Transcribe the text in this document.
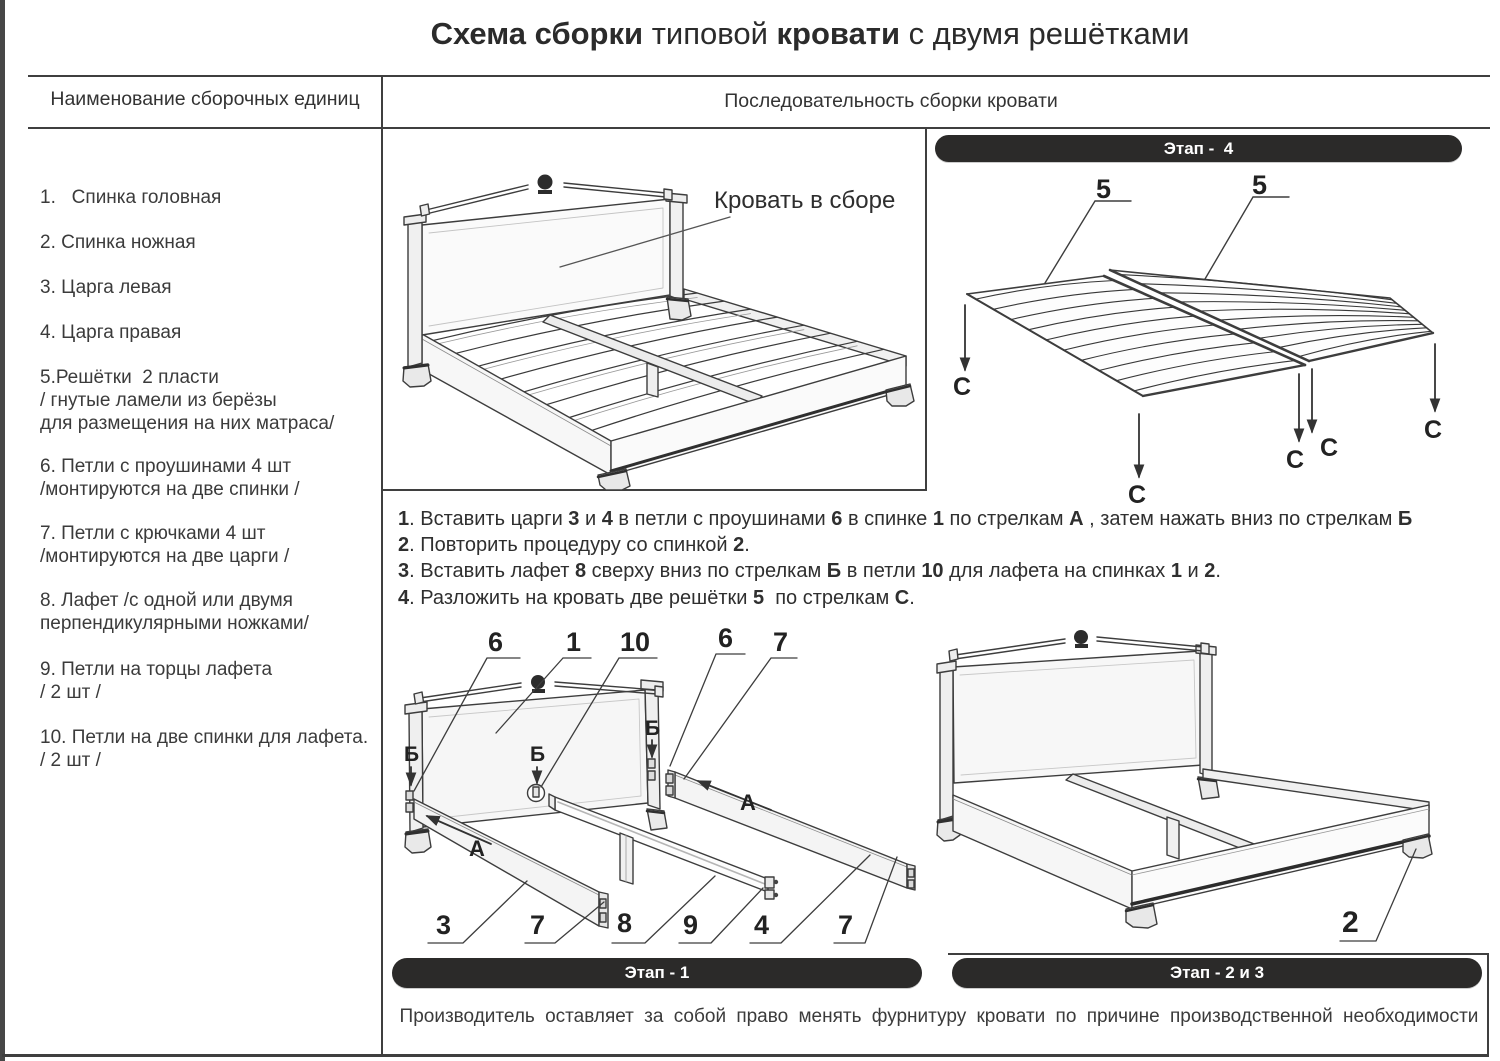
Схема сборки типовой кровати с двумя решётками
Наименование сборочных единиц	Последовательность сборки кровати
1.   Спинка головная
2. Спинка ножная
3. Царга левая
4. Царга правая
5.Решётки  2 пласти
/ гнутые ламели из берёзы
для размещения на них матраса/
6. Петли с проушинами 4 шт
/монтируются на две спинки /
7. Петли с крючками 4 шт
/монтируются на две царги /
8. Лафет /с одной или двумя
перпендикулярными ножками/
9. Петли на торцы лафета
/ 2 шт /
10. Петли на две спинки для лафета.
/ 2 шт /
Кровать в сборе
Этап -  4
5	5
С
С
С С
С
1. Вставить царги 3 и 4 в петли с проушинами 6 в спинке 1 по стрелкам А , затем нажать вниз по стрелкам Б
2. Повторить процедуру со спинкой 2.
3. Вставить лафет 8 сверху вниз по стрелкам Б в петли 10 для лафета на спинках 1 и 2.
4. Разложить на кровать две решётки 5  по стрелкам С.
6 1 10	6 7
Б	Б
Б
А
А
3	7	8 9 4	7
Этап - 1
2
Этап - 2 и 3
Производитель оставляет за собой право менять фурнитуру кровати по причине производственной необходимости
